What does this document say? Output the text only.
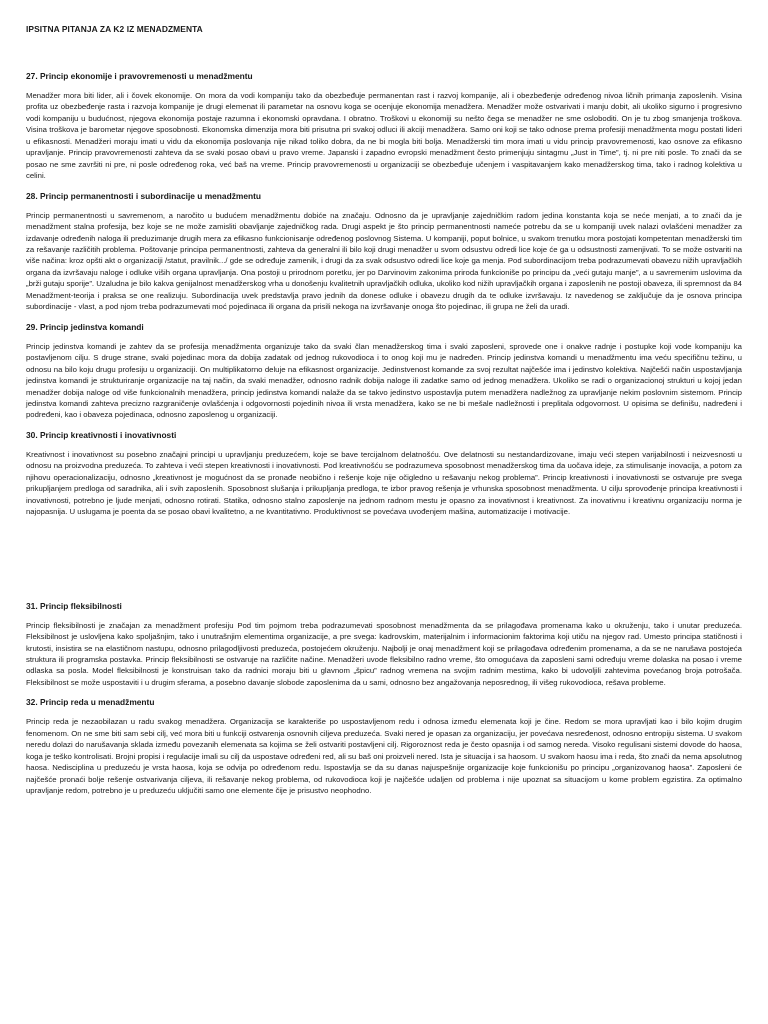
IPSITNA PITANJA ZA K2 IZ MENADZMENTA
27. Princip ekonomije i pravovremenosti u menadžmentu

Menadžer mora biti lider, ali i čovek ekonomije. On mora da vodi kompaniju tako da obezbeđuje permanentan rast i razvoj kompanije, ali i obezbeđenje određenog nivoa ličnih primanja zaposlenih. Visina profita uz obezbeđenje rasta i razvoja kompanije je drugi elemenat ili parametar na osnovu koga se ocenjuje ekonomija menadžera. Menadžer može ostvarivati i manju dobit, ali ukoliko sigurno i progresivno vodi kompaniju u budućnost, njegova ekonomija postaje razumna i ekonomski opravdana. I obratno. Troškovi u ekonomiji su nešto čega se menadžer ne sme osloboditi. On je tu zbog smanjenja troškova. Visina troškova je barometar njegove sposobnosti. Ekonomska dimenzija mora biti prisutna pri svakoj odluci ili akciji menadžera. Samo oni koji se tako odnose prema profesiji menadžmenta mogu postati lideri u efikasnosti. Menadžeri moraju imati u vidu da ekonomija poslovanja nije nikad toliko dobra, da ne bi mogla biti bolja. Menadžerski tim mora imati u vidu princip pravovremenosti, kao osnove za efikasno upravljanje. Princip pravovremenosti zahteva da se svaki posao obavi u pravo vreme. Japanski i zapadno evropski menadžment često primenjuju sintagmu „Just in Time”, tj. ni pre niti posle. To znači da se posao ne sme završiti ni pre, ni posle određenog roka, već baš na vreme. Princip pravovremenosti u organizaciji se obezbeđuje učenjem i vaspitavanjem kako menadžerskog tima, tako i radnog kolektiva u celini.

28. Princip permanentnosti i subordinacije u menadžmentu

Princip permanentnosti u savremenom, a naročito u budućem menadžmentu dobiće na značaju. Odnosno da je upravljanje zajedničkim radom jedina konstanta koja se neće menjati, a to znači da je menadžment stalna profesija, bez koje se ne može zamisliti obavljanje zajedničkog rada. Drugi aspekt je što princip permanentnosti nameće potrebu da se u kompaniji uvek nalazi ovlašćeni menadžer za izdavanje određenih naloga ili preduzimanje drugih mera za efikasno funkcionisanje određenog poslovnog Sistema. U kompaniji, poput bolnice, u svakom trenutku mora postojati kompetentan menadžerski tim za rešavanje različitih problema. Poštovanje principa permanentnosti, zahteva da generalni ili bilo koji drugi menadžer u svom odsustvu odredi lice koje će ga u odsustnosti zamenjivati. To se može ostvariti na više načina: kroz opšti akt o organizaciji /statut, pravilnik.../ gde se određuje zamenik, i drugi da za svak odsustvo odredi lice koje ga menja. Pod subordinacijom treba podrazumevati obavezu nižih upravljačkih organa da izvršavaju naloge i odluke viših organa upravljanja. Ona postoji u prirodnom poretku, jer po Darvinovim zakonima priroda funkcioniše po principu da „veći gutaju manje”, a u savremenim uslovima da „brži gutaju sporije”. Uzaludna je bilo kakva genijalnost menadžerskog vrha u donošenju kvalitetnih upravljačkih odluka, ukoliko kod nižih upravljačkih organa i zaposlenih ne postoji obaveza, ili spremnost da 84 Menadžment-teorija i praksa se one realizuju. Subordinacija uvek predstavlja pravo jednih da donese odluke i obavezu drugih da te odluke izvršavaju. Iz navedenog se zaključuje da je osnova principa subordinacije - vlast, a pod njom treba podrazumevati moć pojedinaca ili organa da prisili nekoga na izvršavanje onoga što pojedinac, ili grupa ne želi da uradi.

29. Princip jedinstva komandi

Princip jedinstva komandi je zahtev da se profesija menadžmenta organizuje tako da svaki član menadžerskog tima i svaki zaposleni, sprovede one i onakve radnje i postupke koji vode kompaniju ka postavljenom cilju. S druge strane, svaki pojedinac mora da dobija zadatak od jednog rukovodioca i to onog koji mu je nadređen. Princip jedinstva komandi u menadžmentu ima veću specifičnu težinu, u odnosu na bilo koju drugu profesiju u organizaciji. On multiplikatorno deluje na efikasnost organizacije. Jedinstvenost komande za svoj rezultat najčešće ima i jedinstvo kolektiva. Najčešći način uspostavljanja jedinstva komandi je strukturiranje organizacije na taj način, da svaki menadžer, odnosno radnik dobija naloge ili zadatke samo od jednog menadžera. Ukoliko se radi o organizacionoj strukturi u kojoj jedan menadžer dobija naloge od više funkcionalnih menadžera, princip jedinstva komandi nalaže da se takvo jedinstvo uspostavlja putem menadžera nadležnog za upravljanje nekim poslovnim sistemom. Princip jedinstva komandi zahteva precizno razgraničenje ovlašćenja i odgovornosti pojedinih nivoa ili vrsta menadžera, kako se ne bi mešale nadležnosti i preplitala odgovornost. U opisima se definišu, nadređeni i podređeni, kao i obaveza pojedinaca, odnosno zaposlenog u organizaciji.

30. Princip kreativnosti i inovativnosti

Kreativnost i inovativnost su posebno značajni principi u upravljanju preduzećem, koje se bave tercijalnom delatnošću. Ove delatnosti su nestandardizovane, imaju veći stepen varijabilnosti i neizvesnosti u odnosu na proizvodna preduzeća. To zahteva i veći stepen kreativnosti i inovativnosti. Pod kreativnošću se podrazumeva sposobnost menadžerskog tima da uočava ideje, za stimulisanje inovacija, a potom za njihovu operacionalizaciju, odnosno „kreativnost je mogućnost da se pronađe neobično i rešenje koje nije očigledno u rešavanju nekog problema”. Princip kreativnosti i inovativnosti se ostvaruje pre svega prikupljanjem predloga od saradnika, ali i svih zaposlenih. Sposobnost slušanja i prikupljanja predloga, te izbor pravog rešenja je vrhunska sposobnost menadžmenta. U cilju sprovođenje principa kreativnosti i inovativnosti, potrebno je ljude menjati, odnosno rotirati. Statika, odnosno stalno zaposlenje na jednom radnom mestu je opasno za inovativnost i kreativnost. Za inovativnu i kreativnu organizaciju norma je najopasnija. U uslugama je poenta da se posao obavi kvalitetno, a ne kvantitativno. Produktivnost se povećava uvođenjem mašina, automatizacije i motivacije.

31. Princip fleksibilnosti

Princip fleksibilnosti je značajan za menadžment profesiju Pod tim pojmom treba podrazumevati sposobnost menadžmenta da se prilagođava promenama kako u okruženju, tako i unutar preduzeća. Fleksibilnost je uslovljena kako spoljašnjim, tako i unutrašnjim elementima organizacije, a pre svega: kadrovskim, materijalnim i informacionim faktorima koji utiču na njegov rad. Umesto principa statičnosti i krutosti, insistira se na elastičnom nastupu, odnosno prilagodljivosti preduzeća, postojećem okruženju. Najbolji je onaj menadžment koji se prilagođava određenim promenama, a da se ne narušava postojeća struktura ili programska postavka. Princip fleksibilnosti se ostvaruje na različite načine. Menadžeri uvode fleksibilno radno vreme, što omogućava da zaposleni sami određuju vreme dolaska na posao i vreme odlaska sa posla. Model fleksibilnosti je konstruisan tako da radnici moraju biti u glavnom „špicu” radnog vremena na svojim radnim mestima, kako bi udovoljili zahtevima povećanog broja potrošača. Fleksibilnost se može uspostaviti i u drugim sferama, a posebno davanje slobode zaposlenima da u sami, odnosno bez angažovanja neposrednog, ili višeg rukovodioca, rešava probleme.

32. Princip reda u menadžmentu

Princip reda je nezaobilazan u radu svakog menadžera. Organizacija se karakteriše po uspostavljenom redu i odnosa između elemenata koji je čine. Redom se mora upravljati kao i bilo kojim drugim fenomenom. On ne sme biti sam sebi cilj, već mora biti u funkciji ostvarenja osnovnih ciljeva preduzeća. Svaki nered je opasan za organizaciju, jer povećava nesređenost, odnosno entropiju sistema. U svakom neredu dolazi do narušavanja sklada između povezanih elemenata sa kojima se želi ostvariti postavljeni cilj. Rigoroznost reda je često opasnija i od samog nereda. Visoko regulisani sistemi dovode do haosa, koga je teško kontrolisati. Brojni propisi i regulacije imali su cilj da uspostave određeni red, ali su baš oni proizveli nered. Ista je situacija i sa haosom. U svakom haosu ima i reda, što znači da nema apsolutnog haosa. Nedisciplina u preduzeću je vrsta haosa, koja se odvija po određenom redu. Ispostavlja se da su danas najuspešnije organizacije koje funkcionišu po principu „organizovanog haosa”. Zaposleni će najčešće pronaći bolje rešenje ostvarivanja ciljeva, ili rešavanje nekog problema, od rukovodioca koji je najčešće udaljen od problema i nije upoznat sa situacijom u kome problem egzistira. Za optimalno upravljanje redom, potrebno je u preduzeću uključiti samo one elemente čije je prisustvo neophodno.
